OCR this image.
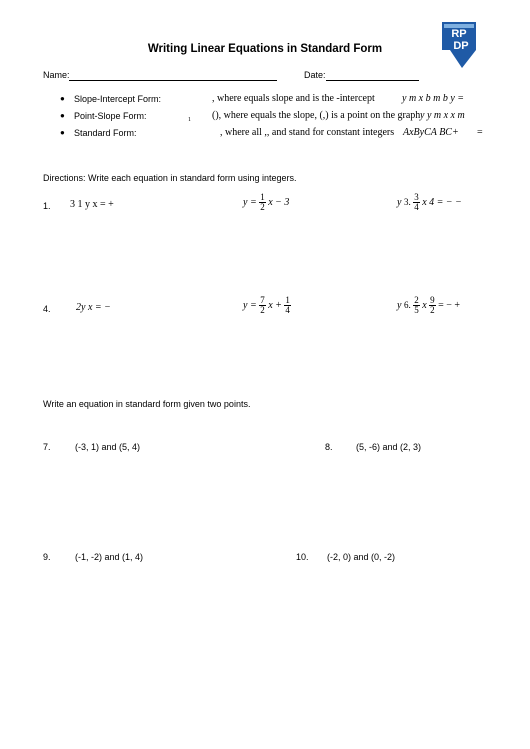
RP
DP
Writing Linear Equations in Standard Form
Name:	Date:
● Slope-Intercept Form:	, where equals slope and is the -intercept	y m x b m b y =
● Point-Slope Form:	1 (), where equals the slope, (,) is a point on the graph y y m x x m
● Standard Form:	, where all ,, and stand for constant integers AxByCA BC+ =
Directions: Write each equation in standard form using integers.
1. 3 1 y x = +	$y = \frac{1}{2}$ x − 3	y 3. $\frac{3}{4}$ x 4 = − −
4.	2y x = −	$y = \frac{7}{2}$ $x + \frac{1}{4}$	y 6. $\frac{2}{5}$ x $\frac{9}{2}$ = − +
Write an equation in standard form given two points.
7.	(-3, 1) and (5, 4)	8.	(5, -6) and (2, 3)
9.	(-1, -2) and (1, 4)	10. (-2, 0) and (0, -2)
